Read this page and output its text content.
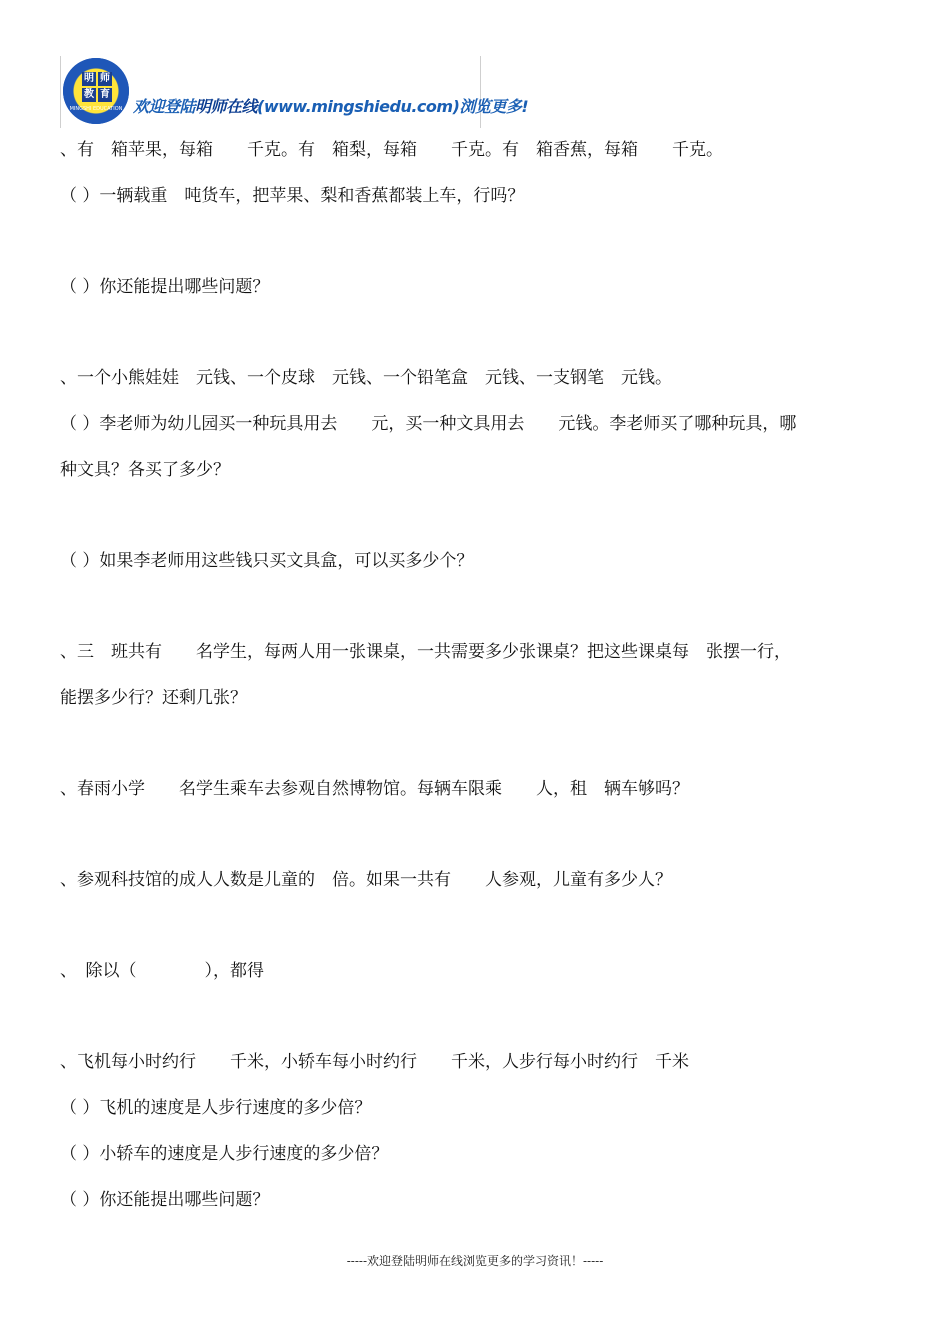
明 师
教 育
MINGSHI EDUCATION 欢迎登陆明师在线(www.mingshiedu.com)浏览更多!
、有　箱苹果，每箱　　千克。有　箱梨，每箱　　千克。有　箱香蕉，每箱　　千克。
（ ）一辆载重　吨货车，把苹果、梨和香蕉都装上车，行吗？
（ ）你还能提出哪些问题？
、一个小熊娃娃　元钱、一个皮球　元钱、一个铅笔盒　元钱、一支钢笔　元钱。
（ ）李老师为幼儿园买一种玩具用去　　元，买一种文具用去　　元钱。李老师买了哪种玩具，哪
种文具？各买了多少？
（ ）如果李老师用这些钱只买文具盒，可以买多少个？
、三　班共有　　名学生，每两人用一张课桌，一共需要多少张课桌？把这些课桌每　张摆一行，
能摆多少行？还剩几张？
、春雨小学　　名学生乘车去参观自然博物馆。每辆车限乘　　人，租　辆车够吗？
、参观科技馆的成人人数是儿童的　倍。如果一共有　　人参观，儿童有多少人？
、　除以（　　　　），都得
、飞机每小时约行　　千米，小轿车每小时约行　　千米，人步行每小时约行　千米
（ ）飞机的速度是人步行速度的多少倍？
（ ）小轿车的速度是人步行速度的多少倍？
（ ）你还能提出哪些问题？
-----欢迎登陆明师在线浏览更多的学习资讯！-----
